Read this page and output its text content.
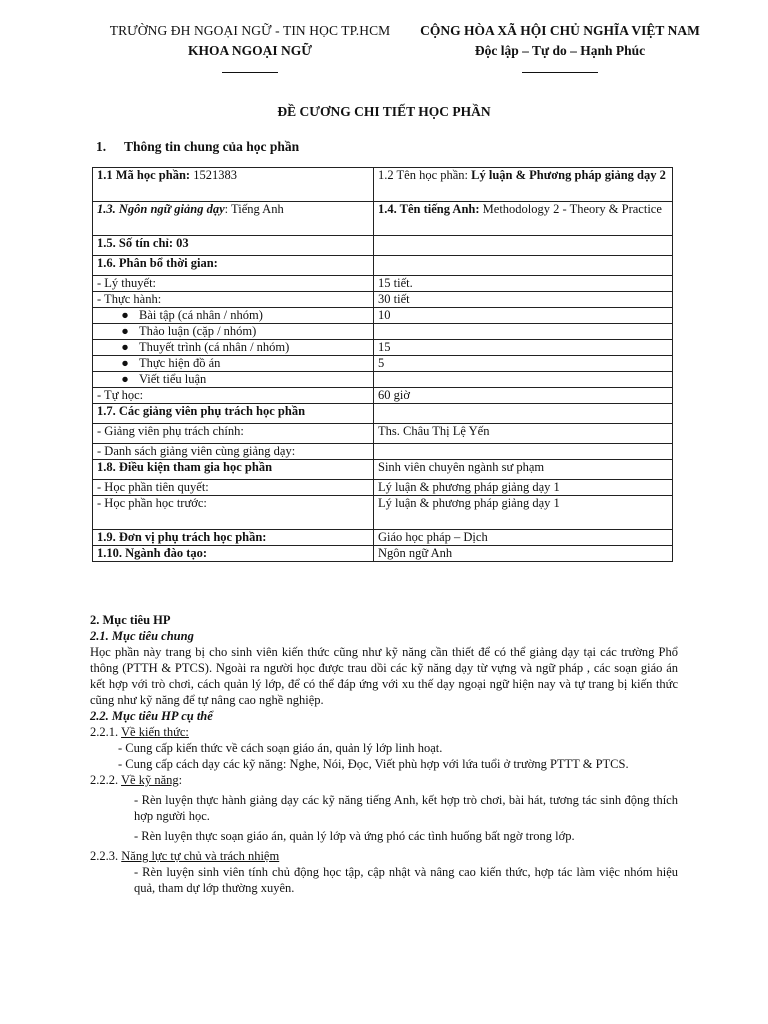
TRƯỜNG ĐH NGOẠI NGỮ - TIN HỌC TP.HCM
KHOA NGOẠI NGỮ
CỘNG HÒA XÃ HỘI CHỦ NGHĨA VIỆT NAM
Độc lập – Tự do – Hạnh Phúc
ĐỀ CƯƠNG CHI TIẾT HỌC PHẦN
1. Thông tin chung của học phần
1.1 Mã học phần: 1521383	1.2 Tên học phần: Lý luận & Phương pháp giảng dạy 2
1.3. Ngôn ngữ giảng dạy: Tiếng Anh	1.4. Tên tiếng Anh: Methodology 2 - Theory & Practice
1.5. Số tín chỉ: 03	
1.6. Phân bổ thời gian:	
- Lý thuyết:	15 tiết.
- Thực hành:	30 tiết
● Bài tập (cá nhân / nhóm)	10
● Thảo luận (cặp / nhóm)	
● Thuyết trình (cá nhân / nhóm)	15
● Thực hiện đồ án	5
● Viết tiểu luận	
- Tự học:	60 giờ
1.7. Các giảng viên phụ trách học phần	
- Giảng viên phụ trách chính:	Ths. Châu Thị Lệ Yến
- Danh sách giảng viên cùng giảng dạy:	
1.8. Điều kiện tham gia học phần	Sinh viên chuyên ngành sư phạm
- Học phần tiên quyết:	Lý luận & phương pháp giảng dạy 1
- Học phần học trước:	Lý luận & phương pháp giảng dạy 1
1.9. Đơn vị phụ trách học phần:	Giáo học pháp – Dịch
1.10. Ngành đào tạo:	Ngôn ngữ Anh
2. Mục tiêu HP
2.1. Mục tiêu chung
Học phần này trang bị cho sinh viên kiến thức cũng như kỹ năng cần thiết để có thể giảng dạy tại các trường Phổ thông (PTTH & PTCS). Ngoài ra người học được trau dồi các kỹ năng dạy từ vựng và ngữ pháp , các soạn giáo án kết hợp với trò chơi, cách quản lý lớp, để có thể đáp ứng với xu thế dạy ngoại ngữ hiện nay và tự trang bị kiến thức cũng như kỹ năng để tự nâng cao nghề nghiệp.
2.2. Mục tiêu HP cụ thể
2.2.1. Về kiến thức:
- Cung cấp kiến thức về cách soạn giáo án, quản lý lớp linh hoạt.
- Cung cấp cách dạy các kỹ năng: Nghe, Nói, Đọc, Viết phù hợp với lứa tuổi ở trường PTTT & PTCS.
2.2.2. Về kỹ năng:
- Rèn luyện thực hành giảng dạy các kỹ năng tiếng Anh, kết hợp trò chơi, bài hát, tương tác sinh động thích hợp người học.
- Rèn luyện thực soạn giáo án, quản lý lớp và ứng phó các tình huống bất ngờ trong lớp.
2.2.3. Năng lực tự chủ và trách nhiệm
- Rèn luyện sinh viên tính chủ động học tập, cập nhật và nâng cao kiến thức, hợp tác làm việc nhóm hiệu quả, tham dự lớp thường xuyên.
